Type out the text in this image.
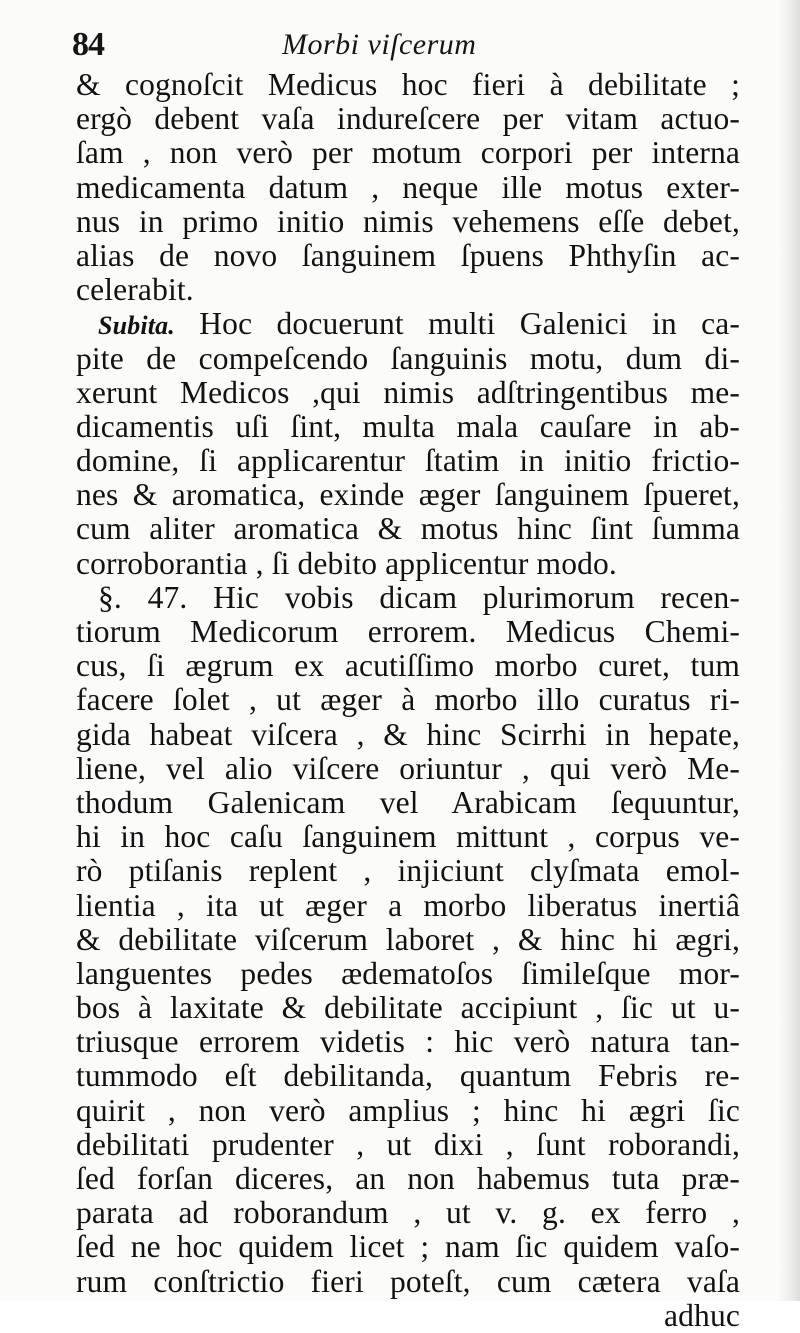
84	Morbi viſcerum
& cognoſcit Medicus hoc fieri à debilitate ;
ergò debent vaſa indureſcere per vitam actuo-
ſam , non verò per motum corpori per interna
medicamenta datum , neque ille motus exter-
nus in primo initio nimis vehemens eſſe debet,
alias de novo ſanguinem ſpuens Phthyſin ac-
celerabit.
Subita. Hoc docuerunt multi Galenici in ca-
pite de compeſcendo ſanguinis motu, dum di-
xerunt Medicos ,qui nimis adſtringentibus me-
dicamentis uſi ſint, multa mala cauſare in ab-
domine, ſi applicarentur ſtatim in initio frictio-
nes & aromatica, exinde æger ſanguinem ſpueret,
cum aliter aromatica & motus hinc ſint ſumma
corroborantia , ſi debito applicentur modo.
§. 47. Hic vobis dicam plurimorum recen-
tiorum Medicorum errorem. Medicus Chemi-
cus, ſi ægrum ex acutiſſimo morbo curet, tum
facere ſolet , ut æger à morbo illo curatus ri-
gida habeat viſcera , & hinc Scirrhi in hepate,
liene, vel alio viſcere oriuntur , qui verò Me-
thodum Galenicam vel Arabicam ſequuntur,
hi in hoc caſu ſanguinem mittunt , corpus ve-
rò ptiſanis replent , injiciunt clyſmata emol-
lientia , ita ut æger a morbo liberatus inertiâ
& debilitate viſcerum laboret , & hinc hi ægri,
languentes pedes ædematoſos ſimileſque mor-
bos à laxitate & debilitate accipiunt , ſic ut u-
triusque errorem videtis : hic verò natura tan-
tummodo eſt debilitanda, quantum Febris re-
quirit , non verò amplius ; hinc hi ægri ſic
debilitati prudenter , ut dixi , ſunt roborandi,
ſed forſan diceres, an non habemus tuta præ-
parata ad roborandum , ut v. g. ex ferro ,
ſed ne hoc quidem licet ; nam ſic quidem vaſo-
rum conſtrictio fieri poteſt, cum cætera vaſa
adhuc
